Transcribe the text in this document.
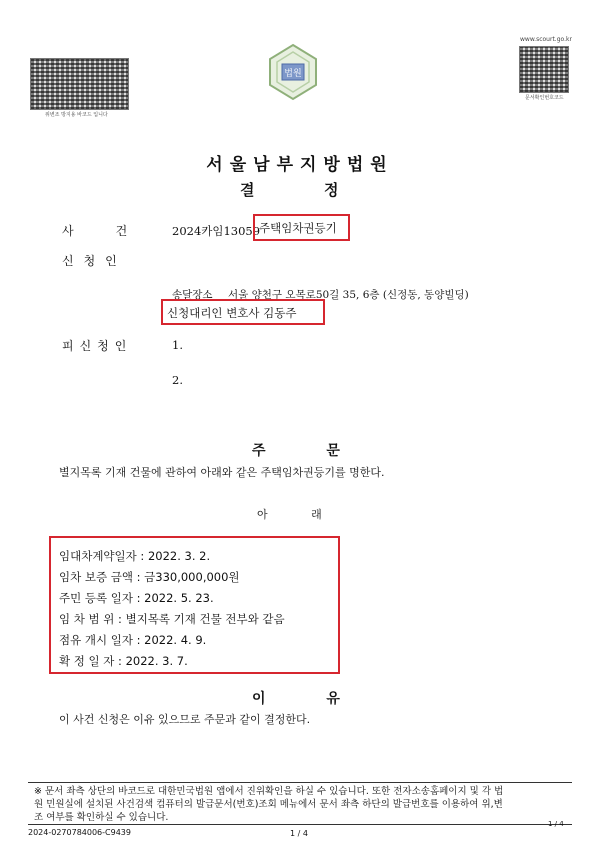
위변조 방지용 바코드 입니다
법원
www.scourt.go.kr
문서확인번호코드
서울남부지방법원
결	정
사건 2024카임13059
주택임차권등기
신청인
송달장소 서울 양천구 오목로50길 35, 6층 (신정동, 동양빌딩)
신청대리인 변호사 김동주
피신청인	1.
2.
주 문
별지목록 기재 건물에 관하여 아래와 같은 주택임차권등기를 명한다.
아 래
임대차계약일자 : 2022. 3. 2.
임차 보증 금액 : 금330,000,000원
주민 등록 일자 : 2022. 5. 23.
임 차 범 위 : 별지목록 기재 건물 전부와 같음
점유 개시 일자 : 2022. 4. 9.
확 정 일 자 : 2022. 3. 7.
이 유
이 사건 신청은 이유 있으므로 주문과 같이 결정한다.
※ 문서 좌측 상단의 바코드로 대한민국법원 앱에서 진위확인을 하실 수 있습니다. 또한 전자소송홈페이지 및 각 법
원 민원실에 설치된 사건검색 컴퓨터의 발급문서(번호)조회 메뉴에서 문서 좌측 하단의 발급번호를 이용하여 위,변
조 여부를 확인하실 수 있습니다.
2024-0270784006-C9439	1 / 4
1 / 4
